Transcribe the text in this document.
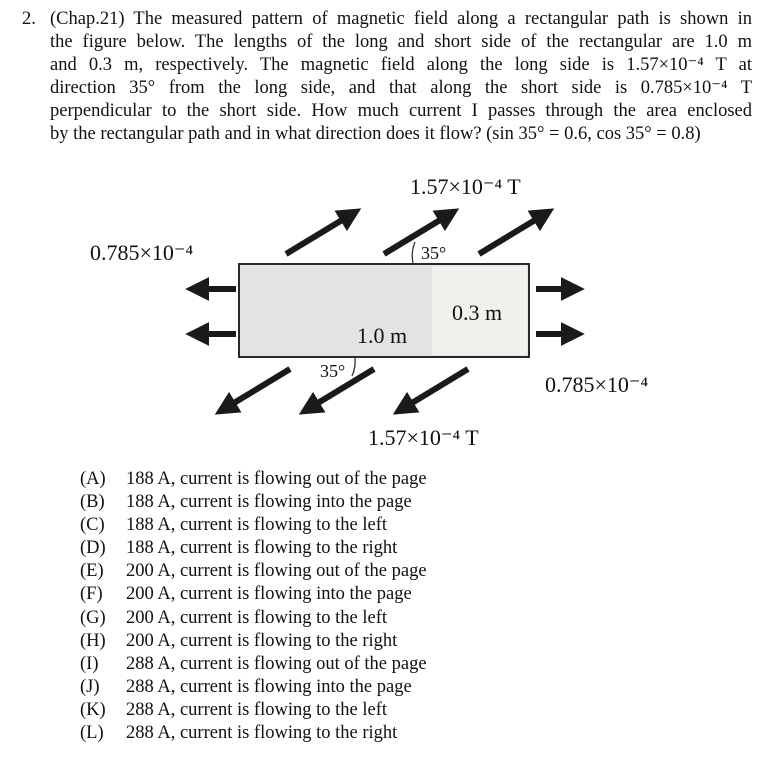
2. (Chap.21) The measured pattern of magnetic field along a rectangular path is shown in
the figure below. The lengths of the long and short side of the rectangular are 1.0 m
and 0.3 m, respectively. The magnetic field along the long side is 1.57×10⁻⁴ T at
direction 35° from the long side, and that along the short side is 0.785×10⁻⁴ T
perpendicular to the short side. How much current I passes through the area enclosed
by the rectangular path and in what direction does it flow? (sin 35° = 0.6, cos 35° = 0.8)
1.57×10⁻⁴ T
0.785×10⁻⁴
0.785×10⁻⁴
1.57×10⁻⁴ T
1.0 m
0.3 m
35°
35°
(A)	188 A, current is flowing out of the page
(B)	188 A, current is flowing into the page
(C)	188 A, current is flowing to the left
(D)	188 A, current is flowing to the right
(E)	200 A, current is flowing out of the page
(F)	200 A, current is flowing into the page
(G)	200 A, current is flowing to the left
(H)	200 A, current is flowing to the right
(I)	288 A, current is flowing out of the page
(J)	288 A, current is flowing into the page
(K)	288 A, current is flowing to the left
(L)	288 A, current is flowing to the right
